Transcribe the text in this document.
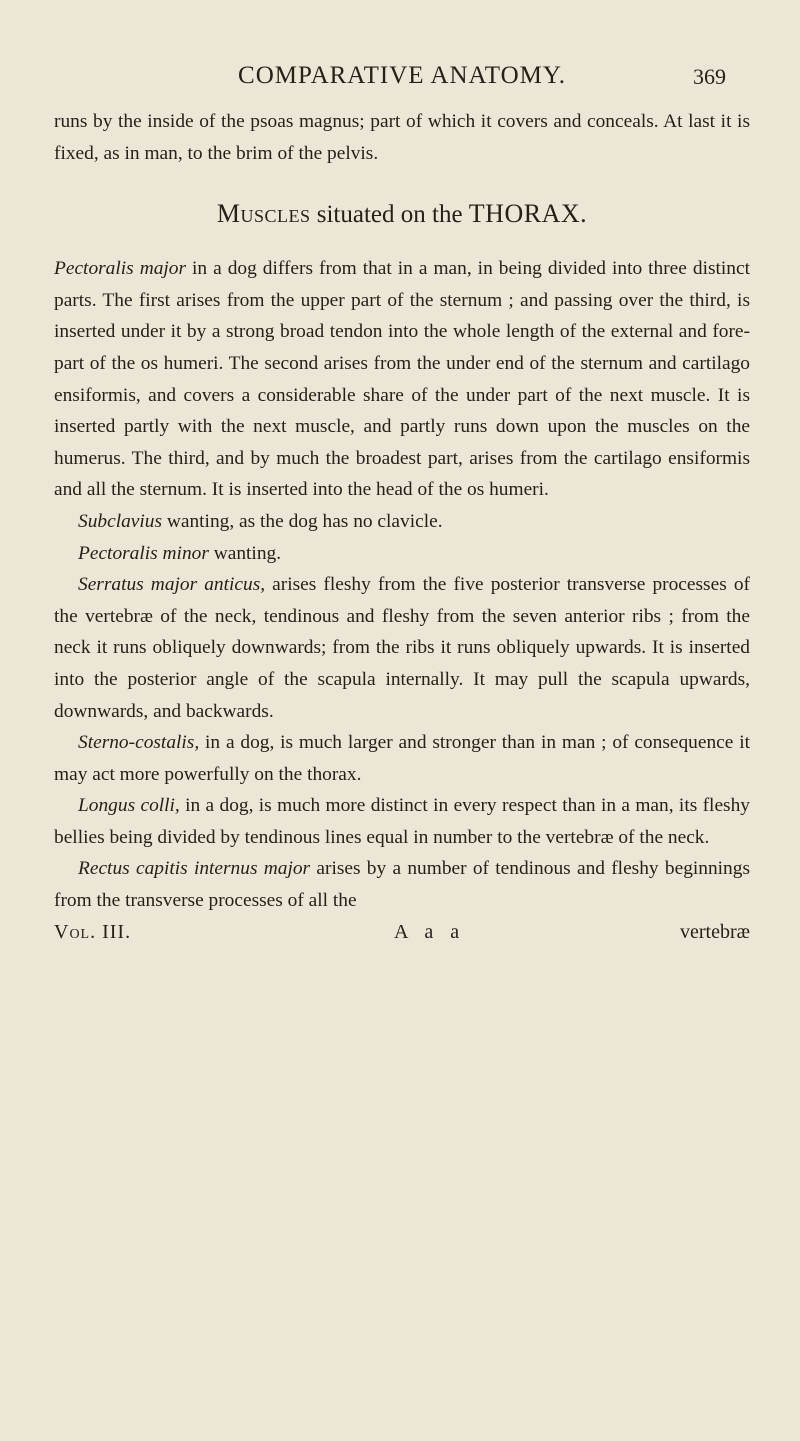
COMPARATIVE ANATOMY.	369

runs by the inside of the psoas magnus; part of which it covers and conceals. At last it is fixed, as in man, to the brim of the pelvis.

Muscles situated on the THORAX.

Pectoralis major in a dog differs from that in a man, in being divided into three distinct parts. The first arises from the upper part of the sternum ; and passing over the third, is inserted under it by a strong broad tendon into the whole length of the external and fore-part of the os humeri. The second arises from the under end of the sternum and cartilago ensiformis, and covers a considerable share of the under part of the next muscle. It is inserted partly with the next muscle, and partly runs down upon the muscles on the humerus. The third, and by much the broadest part, arises from the cartilago ensiformis and all the sternum. It is inserted into the head of the os humeri.

Subclavius wanting, as the dog has no clavicle.

Pectoralis minor wanting.

Serratus major anticus, arises fleshy from the five posterior transverse processes of the vertebræ of the neck, tendinous and fleshy from the seven anterior ribs ; from the neck it runs obliquely downwards; from the ribs it runs obliquely upwards. It is inserted into the posterior angle of the scapula internally. It may pull the scapula upwards, downwards, and backwards.

Sterno-costalis, in a dog, is much larger and stronger than in man ; of consequence it may act more powerfully on the thorax.

Longus colli, in a dog, is much more distinct in every respect than in a man, its fleshy bellies being divided by tendinous lines equal in number to the vertebræ of the neck.

Rectus capitis internus major arises by a number of tendinous and fleshy beginnings from the transverse processes of all the

Vol. III.	A a a	vertebræ
